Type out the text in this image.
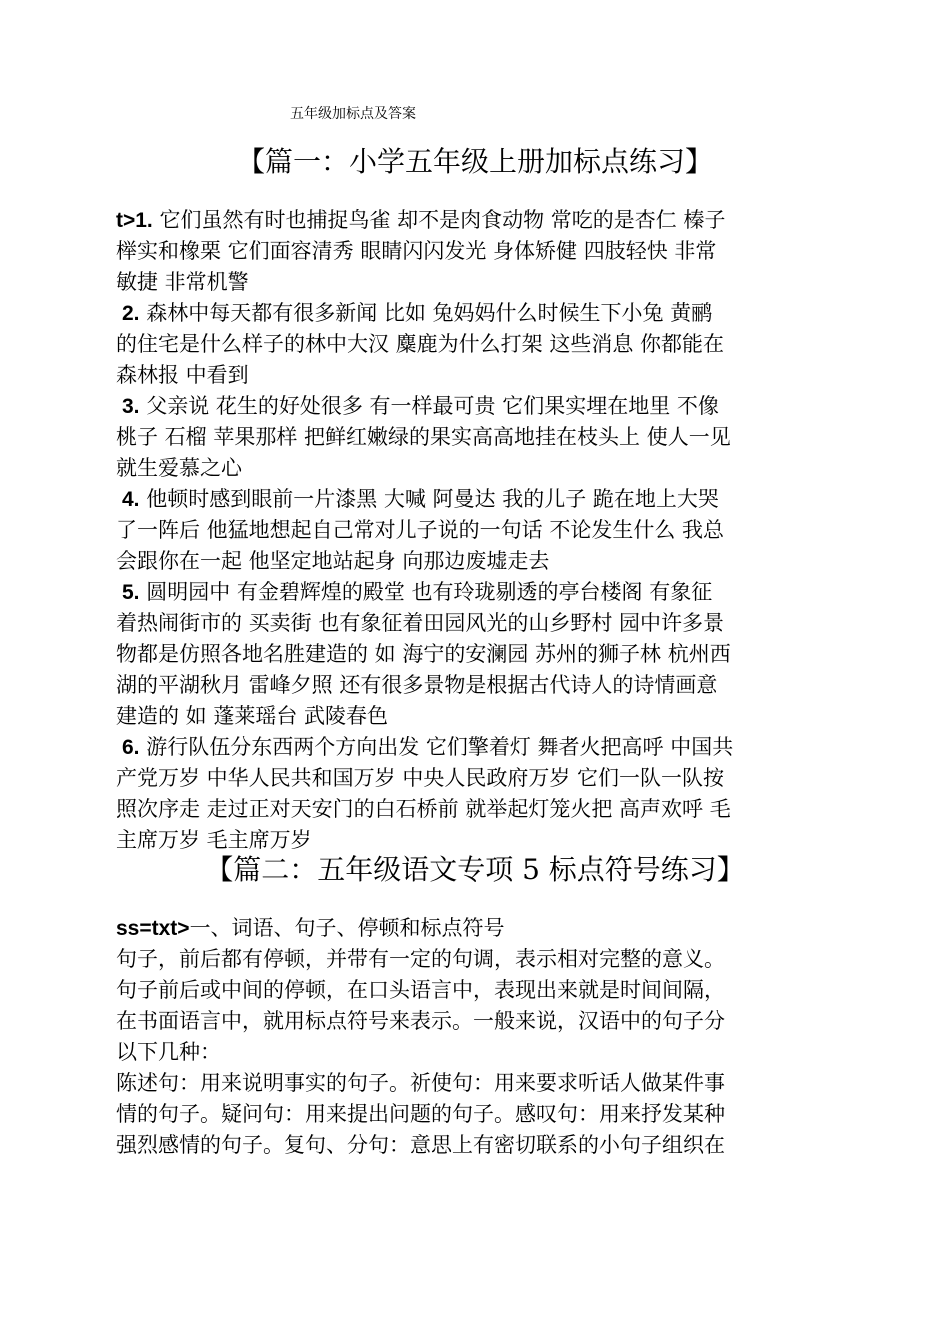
五年级加标点及答案
【篇一：小学五年级上册加标点练习】
t>1. 它们虽然有时也捕捉鸟雀 却不是肉食动物 常吃的是杏仁 榛子
榉实和橡栗 它们面容清秀 眼睛闪闪发光 身体矫健 四肢轻快 非常
敏捷 非常机警
2. 森林中每天都有很多新闻 比如 兔妈妈什么时候生下小兔 黄鹂
的住宅是什么样子的林中大汉 麋鹿为什么打架 这些消息 你都能在
森林报 中看到
3. 父亲说 花生的好处很多 有一样最可贵 它们果实埋在地里 不像
桃子 石榴 苹果那样 把鲜红嫩绿的果实高高地挂在枝头上 使人一见
就生爱慕之心
4. 他顿时感到眼前一片漆黑 大喊 阿曼达 我的儿子 跪在地上大哭
了一阵后 他猛地想起自己常对儿子说的一句话 不论发生什么 我总
会跟你在一起 他坚定地站起身 向那边废墟走去
5. 圆明园中 有金碧辉煌的殿堂 也有玲珑剔透的亭台楼阁 有象征
着热闹街市的 买卖街 也有象征着田园风光的山乡野村 园中许多景
物都是仿照各地名胜建造的 如 海宁的安澜园 苏州的狮子林 杭州西
湖的平湖秋月 雷峰夕照 还有很多景物是根据古代诗人的诗情画意
建造的 如 蓬莱瑶台 武陵春色
6. 游行队伍分东西两个方向出发 它们擎着灯 舞者火把高呼 中国共
产党万岁 中华人民共和国万岁 中央人民政府万岁 它们一队一队按
照次序走 走过正对天安门的白石桥前 就举起灯笼火把 高声欢呼 毛
主席万岁 毛主席万岁
【篇二：五年级语文专项 5 标点符号练习】
ss=txt>一、词语、句子、停顿和标点符号
句子，前后都有停顿，并带有一定的句调，表示相对完整的意义。
句子前后或中间的停顿，在口头语言中，表现出来就是时间间隔，
在书面语言中，就用标点符号来表示。一般来说，汉语中的句子分
以下几种：
陈述句：用来说明事实的句子。祈使句：用来要求听话人做某件事
情的句子。疑问句：用来提出问题的句子。感叹句：用来抒发某种
强烈感情的句子。复句、分句：意思上有密切联系的小句子组织在
